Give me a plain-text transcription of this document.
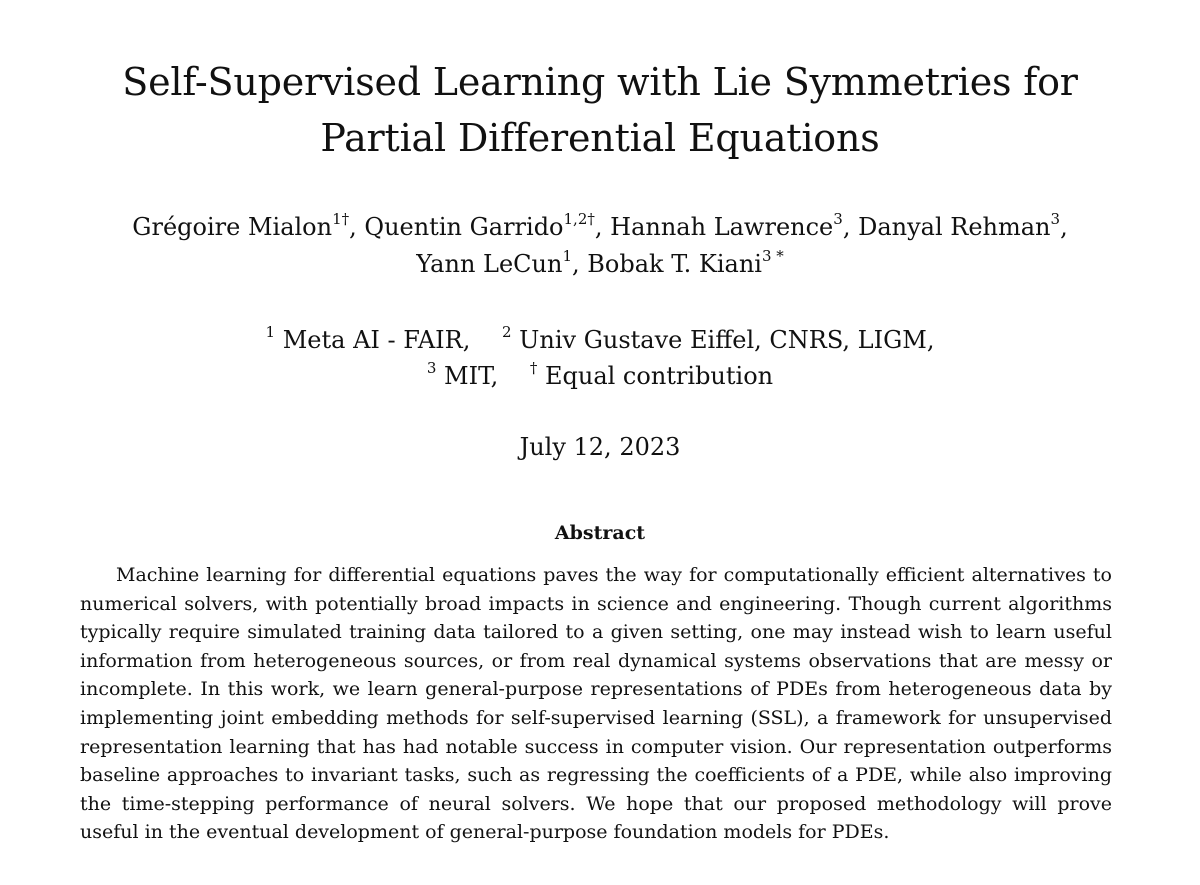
Self-Supervised Learning with Lie Symmetries for Partial Differential Equations

Grégoire Mialon$^{1\dagger}$, Quentin Garrido$^{1,2\dagger}$, Hannah Lawrence$^3$, Danyal Rehman$^3$,
Yann LeCun$^1$, Bobak T. Kiani$^{3 *}$

$^1$ Meta AI - FAIR, $^2$ Univ Gustave Eiffel, CNRS, LIGM,
$^3$ MIT, † Equal contribution

July 12, 2023

Abstract

Machine learning for differential equations paves the way for computationally efficient alternatives to numerical solvers, with potentially broad impacts in science and engineering. Though current algorithms typically require simulated training data tailored to a given setting, one may instead wish to learn useful information from heterogeneous sources, or from real dynamical systems observations that are messy or incomplete. In this work, we learn general-purpose representations of PDEs from heterogeneous data by implementing joint embedding methods for self-supervised learning (SSL), a framework for unsupervised representation learning that has had notable success in computer vision. Our representation outperforms baseline approaches to invariant tasks, such as regressing the coefficients of a PDE, while also improving the time-stepping performance of neural solvers. We hope that our proposed methodology will prove useful in the eventual development of general-purpose foundation models for PDEs.
